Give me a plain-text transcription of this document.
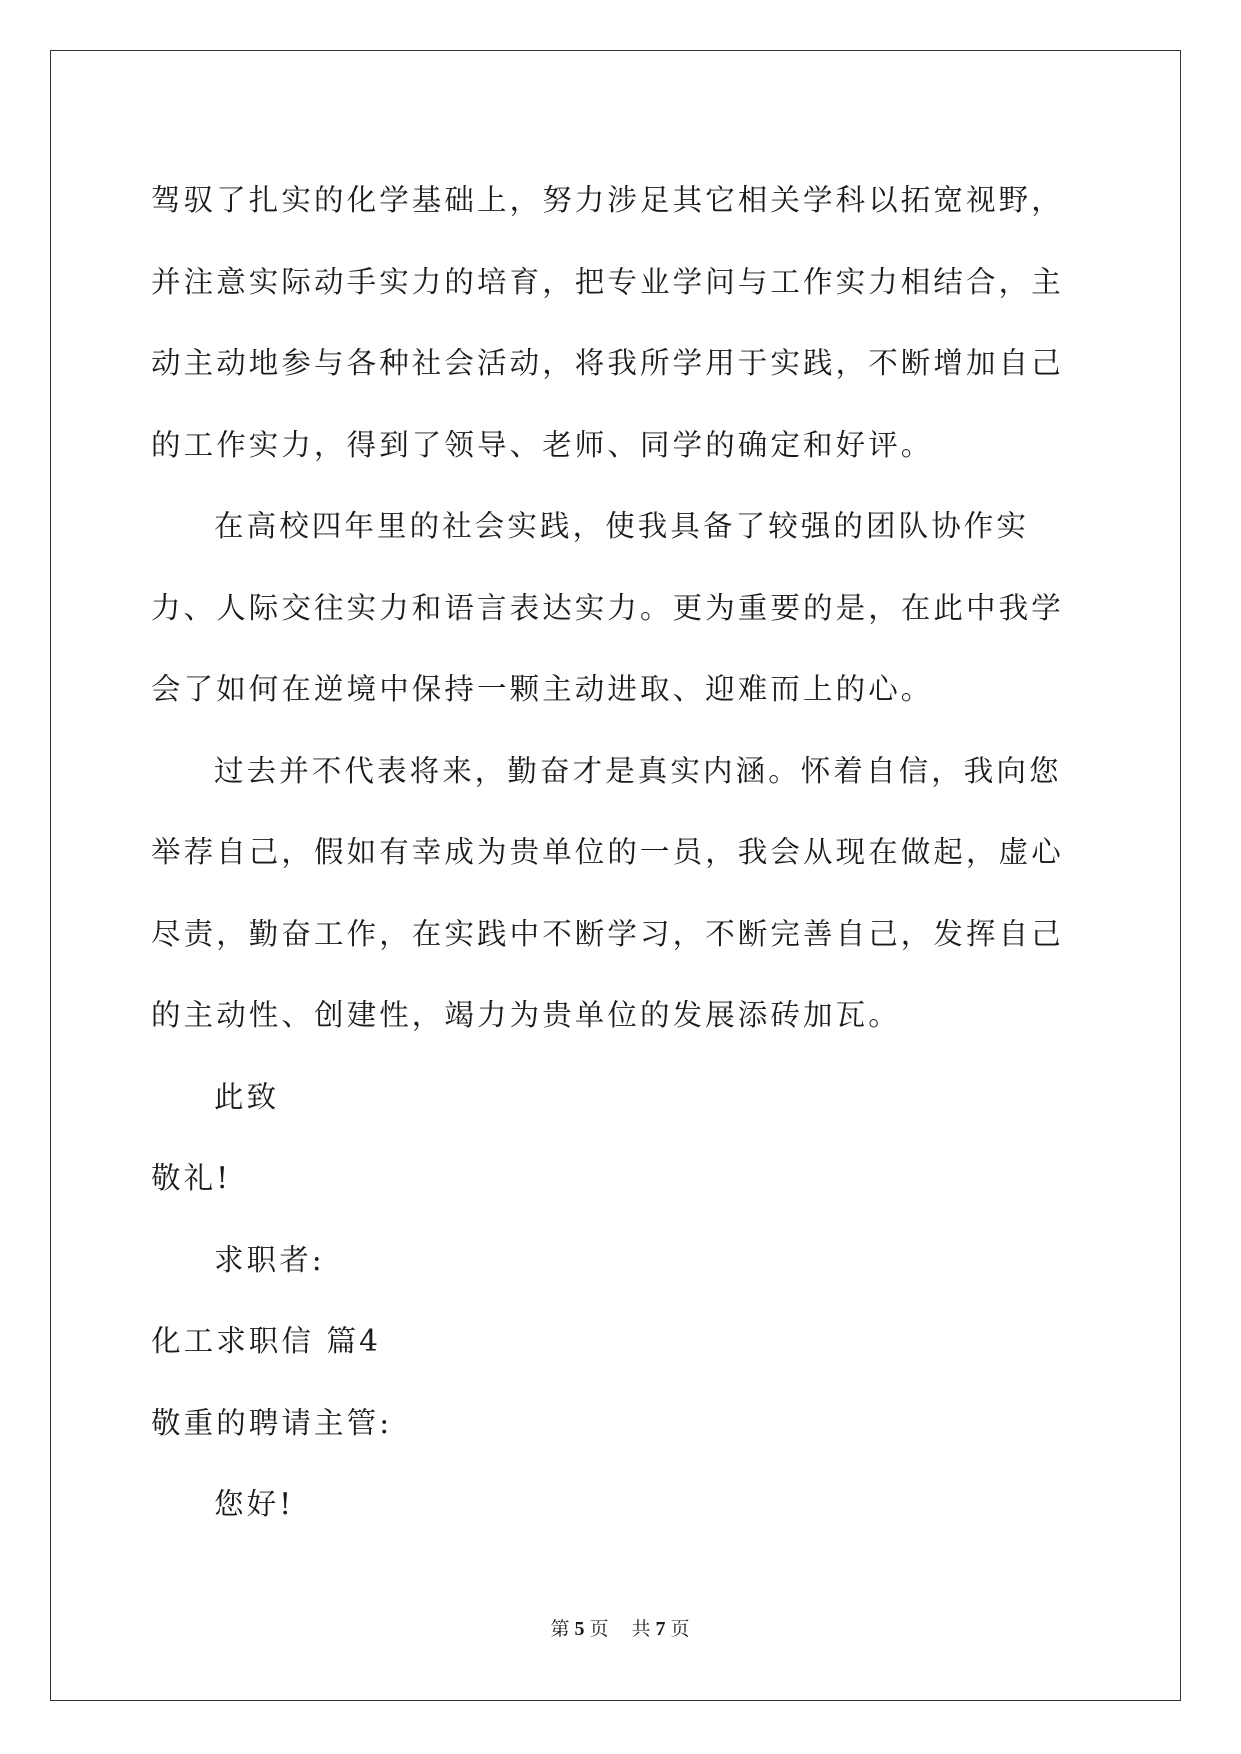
驾驭了扎实的化学基础上，努力涉足其它相关学科以拓宽视野，并注意实际动手实力的培育，把专业学问与工作实力相结合，主动主动地参与各种社会活动，将我所学用于实践，不断增加自己的工作实力，得到了领导、老师、同学的确定和好评。

在高校四年里的社会实践，使我具备了较强的团队协作实力、人际交往实力和语言表达实力。更为重要的是，在此中我学会了如何在逆境中保持一颗主动进取、迎难而上的心。

过去并不代表将来，勤奋才是真实内涵。怀着自信，我向您举荐自己，假如有幸成为贵单位的一员，我会从现在做起，虚心尽责，勤奋工作，在实践中不断学习，不断完善自己，发挥自己的主动性、创建性，竭力为贵单位的发展添砖加瓦。

此致

敬礼!

求职者:

化工求职信 篇4

敬重的聘请主管:

您好!

第 5 页 共 7 页
